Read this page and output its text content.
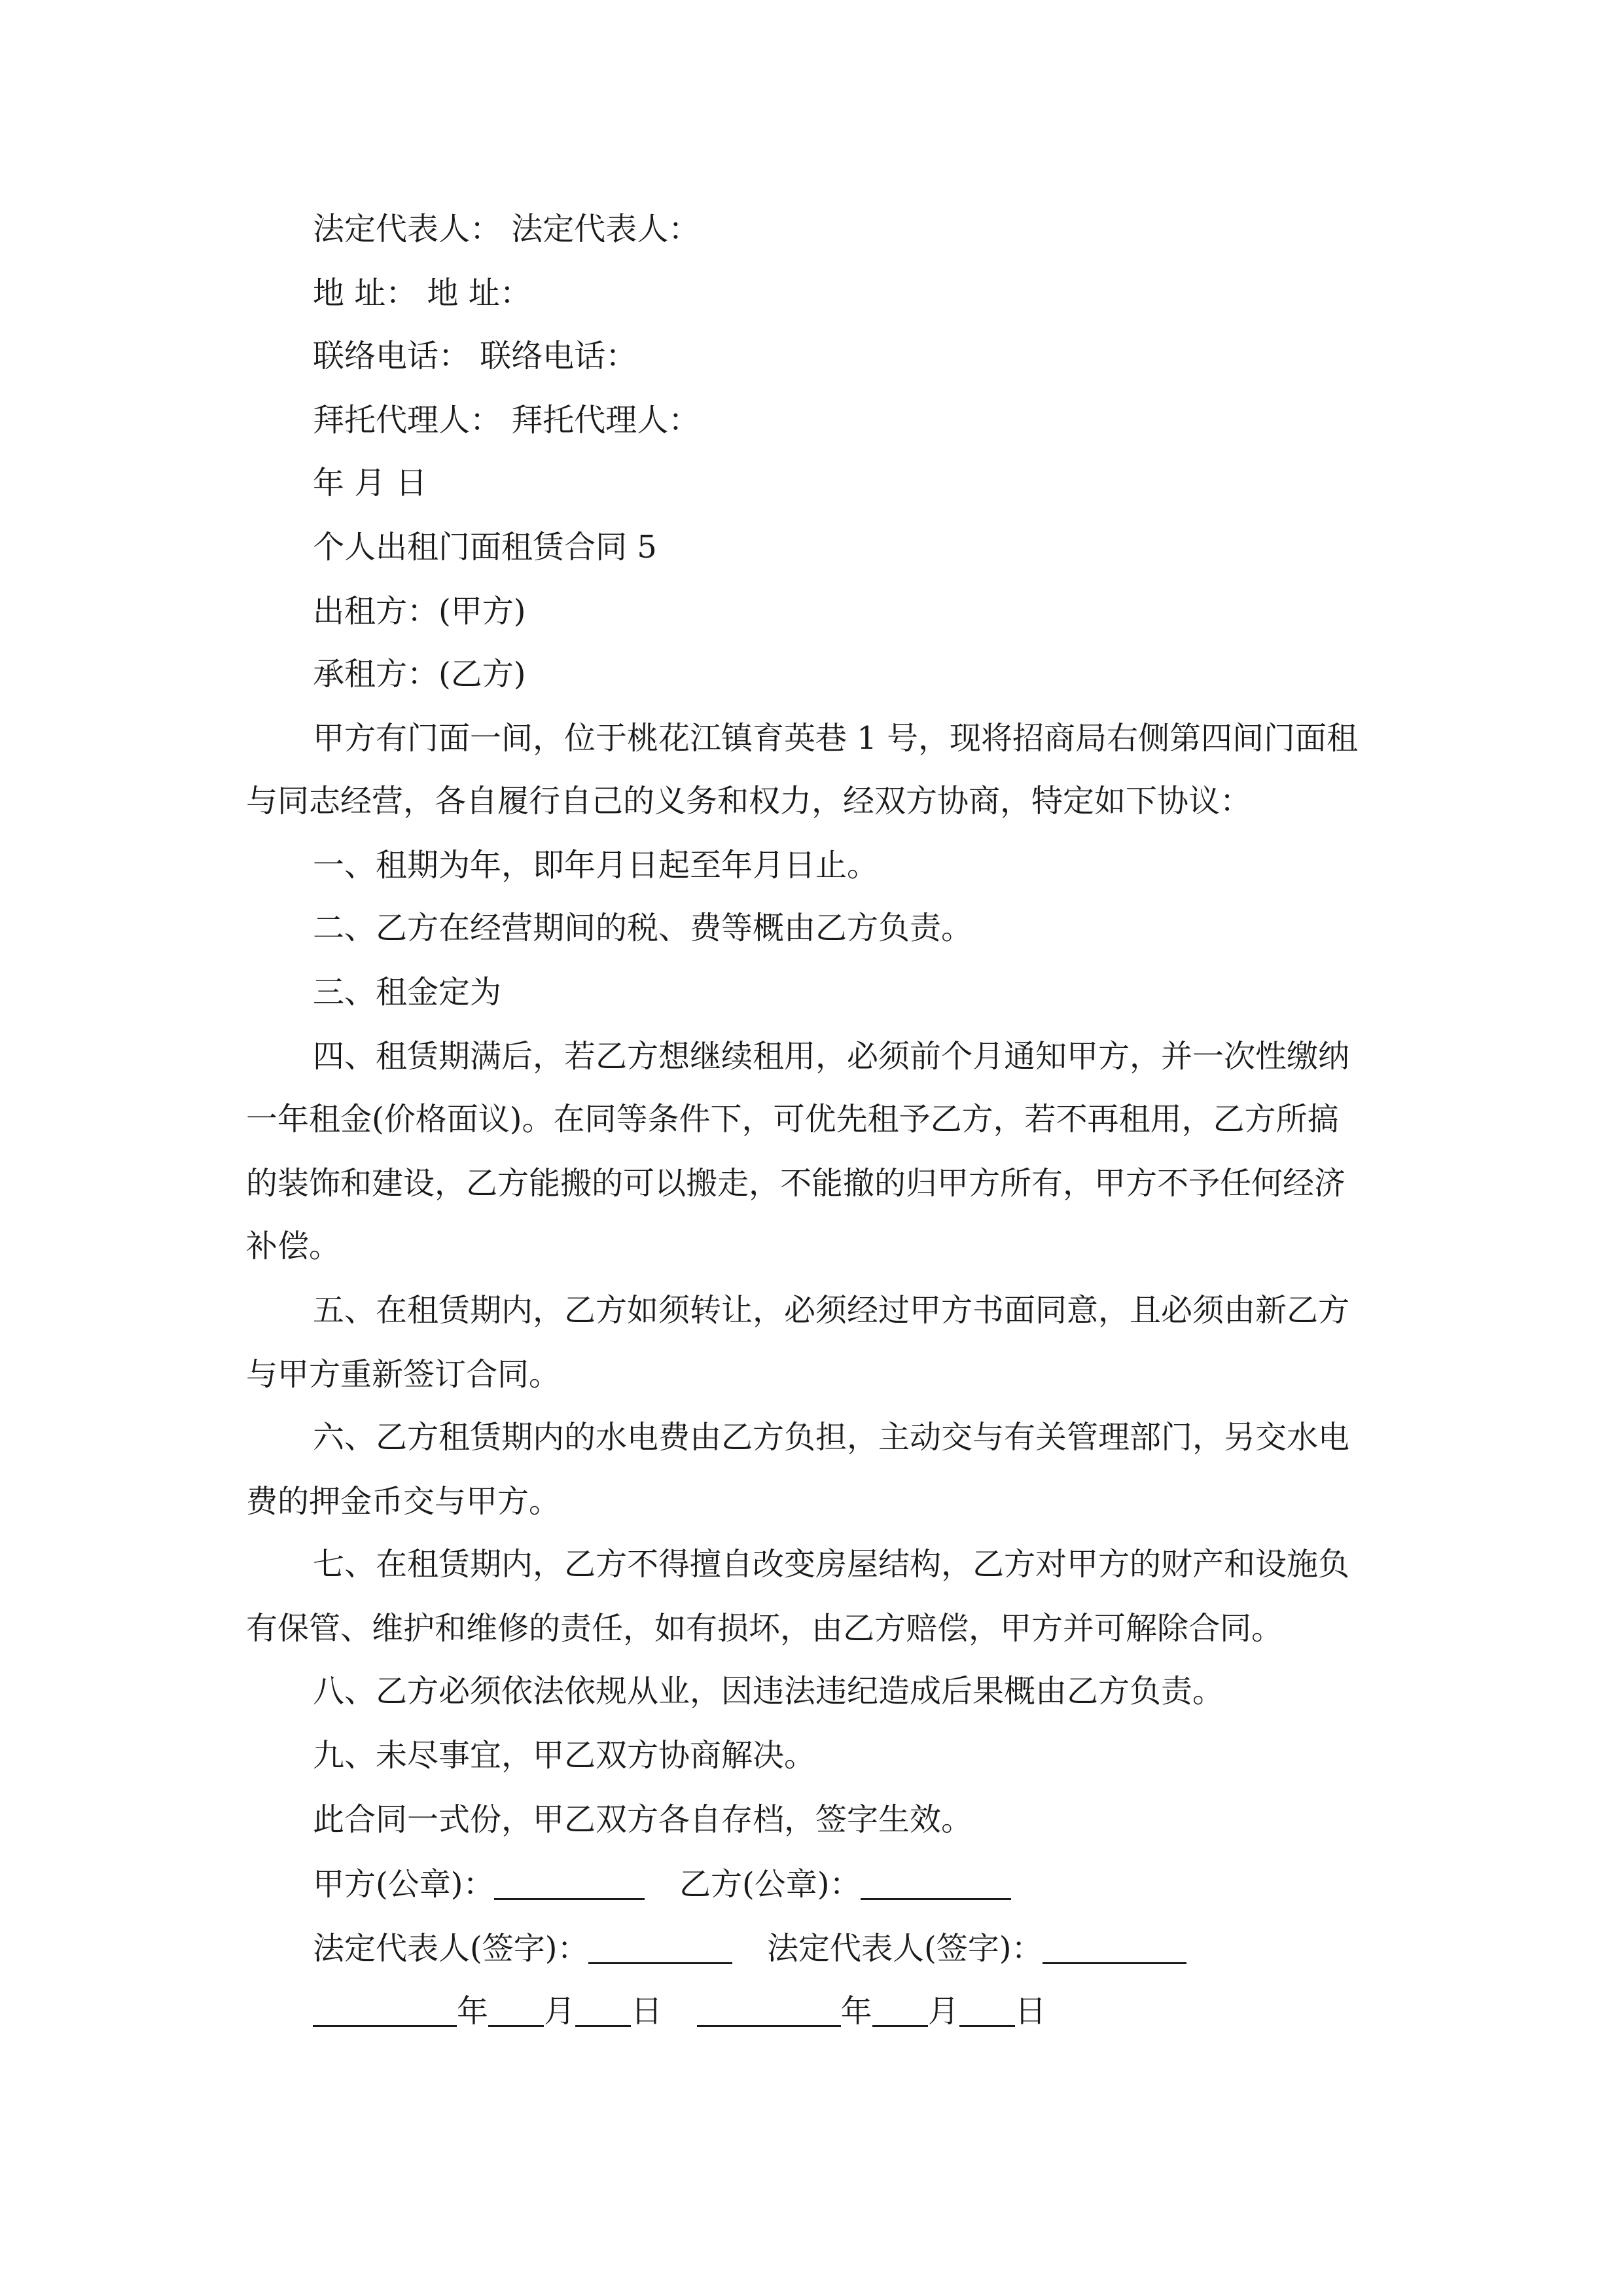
法定代表人： 法定代表人：
地 址： 地 址：
联络电话： 联络电话：
拜托代理人： 拜托代理人：
年 月 日
个人出租门面租赁合同 5
出租方：(甲方)
承租方：(乙方)
甲方有门面一间，位于桃花江镇育英巷 1 号，现将招商局右侧第四间门面租
与同志经营，各自履行自己的义务和权力，经双方协商，特定如下协议：
一、租期为年，即年月日起至年月日止。
二、乙方在经营期间的税、费等概由乙方负责。
三、租金定为
四、租赁期满后，若乙方想继续租用，必须前个月通知甲方，并一次性缴纳
一年租金(价格面议)。在同等条件下，可优先租予乙方，若不再租用，乙方所搞
的装饰和建设，乙方能搬的可以搬走，不能撤的归甲方所有，甲方不予任何经济
补偿。
五、在租赁期内，乙方如须转让，必须经过甲方书面同意，且必须由新乙方
与甲方重新签订合同。
六、乙方租赁期内的水电费由乙方负担，主动交与有关管理部门，另交水电
费的押金币交与甲方。
七、在租赁期内，乙方不得擅自改变房屋结构，乙方对甲方的财产和设施负
有保管、维护和维修的责任，如有损坏，由乙方赔偿，甲方并可解除合同。
八、乙方必须依法依规从业，因违法违纪造成后果概由乙方负责。
九、未尽事宜，甲乙双方协商解决。
此合同一式份，甲乙双方各自存档，签字生效。
甲方(公章)：	乙方(公章)：
法定代表人(签字)：	法定代表人(签字)：
年 月 日	年 月 日
